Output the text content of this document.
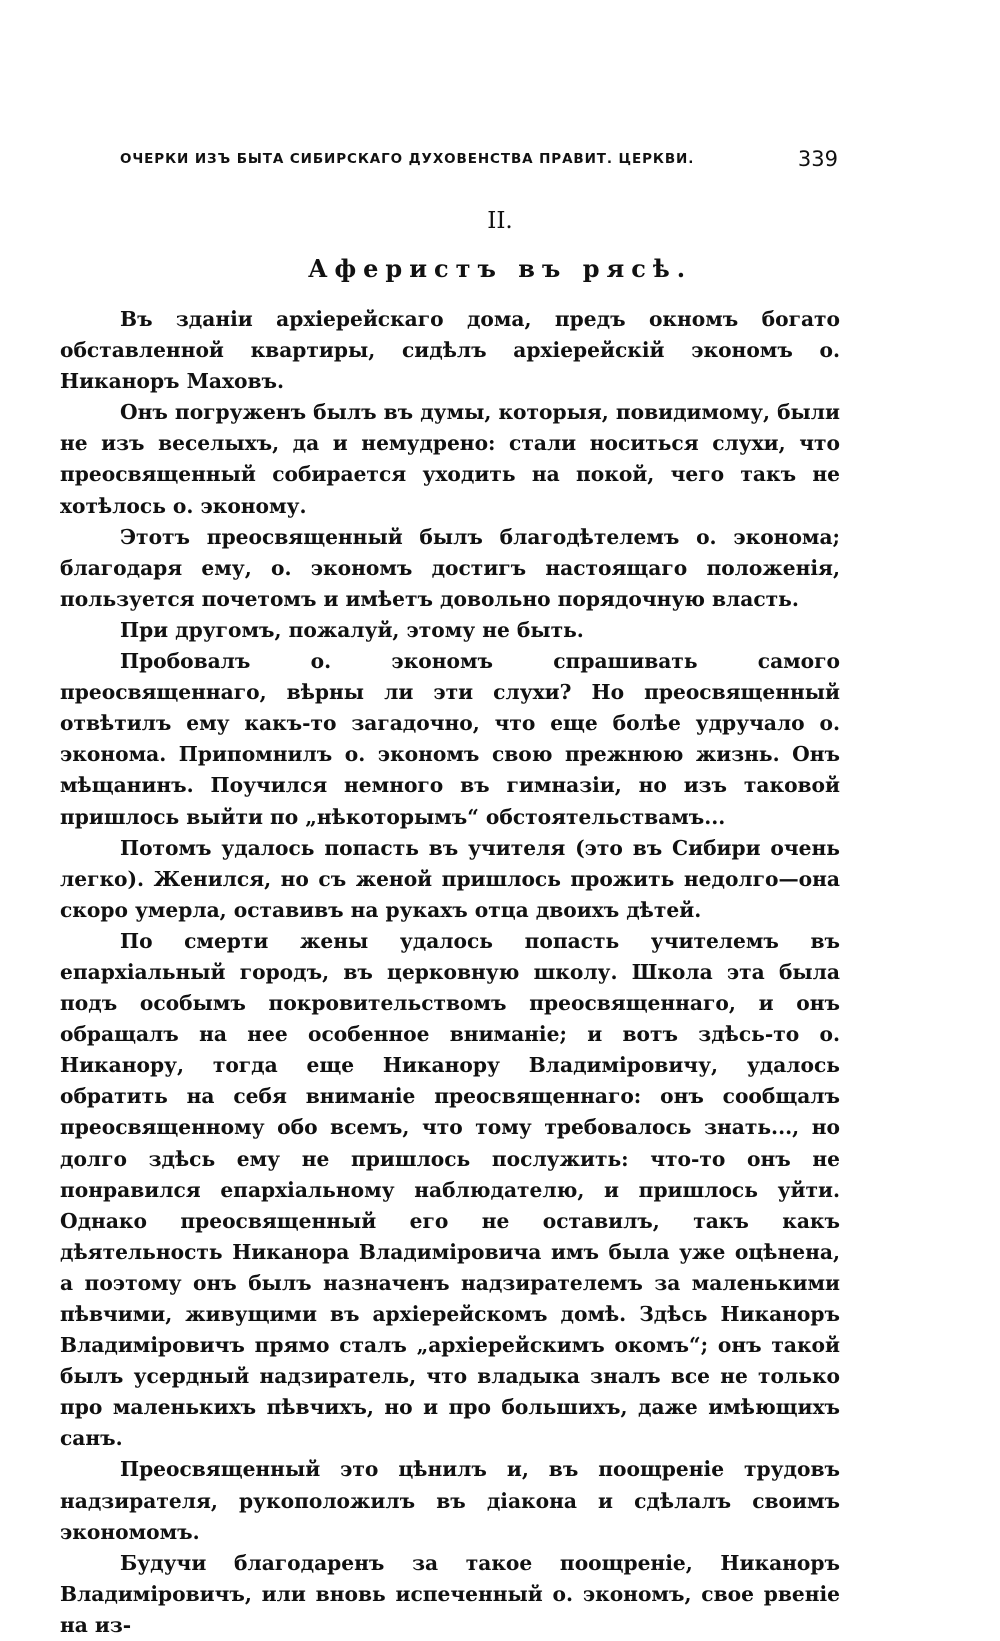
ОЧЕРКИ ИЗЪ БЫТА СИБИРСКАГО ДУХОВЕНСТВА ПРАВИТ. ЦЕРКВИ.	339
II.
Аферистъ въ рясѣ.

Въ зданіи архіерейскаго дома, предъ окномъ богато обставленной квартиры, сидѣлъ архіерейскій экономъ о. Никаноръ Маховъ.

Онъ погруженъ былъ въ думы, которыя, повидимому, были не изъ веселыхъ, да и немудрено: стали носиться слухи, что преосвященный собирается уходить на покой, чего такъ не хотѣлось о. эконому.

Этотъ преосвященный былъ благодѣтелемъ о. эконома; благодаря ему, о. экономъ достигъ настоящаго положенія, пользуется почетомъ и имѣетъ довольно порядочную власть.

При другомъ, пожалуй, этому не быть.

Пробовалъ о. экономъ спрашивать самого преосвященнаго, вѣрны ли эти слухи? Но преосвященный отвѣтилъ ему какъ-то загадочно, что еще болѣе удручало о. эконома. Припомнилъ о. экономъ свою прежнюю жизнь. Онъ мѣщанинъ. Поучился немного въ гимназіи, но изъ таковой пришлось выйти по „нѣкоторымъ“ обстоятельствамъ...

Потомъ удалось попасть въ учителя (это въ Сибири очень легко). Женился, но съ женой пришлось прожить недолго—она скоро умерла, оставивъ на рукахъ отца двоихъ дѣтей.

По смерти жены удалось попасть учителемъ въ епархіальный городъ, въ церковную школу. Школа эта была подъ особымъ покровительствомъ преосвященнаго, и онъ обращалъ на нее особенное вниманіе; и вотъ здѣсь-то о. Никанору, тогда еще Никанору Владиміровичу, удалось обратить на себя вниманіе преосвященнаго: онъ сообщалъ преосвященному обо всемъ, что тому требовалось знать..., но долго здѣсь ему не пришлось послужить: что-то онъ не понравился епархіальному наблюдателю, и пришлось уйти. Однако преосвященный его не оставилъ, такъ какъ дѣятельность Никанора Владиміровича имъ была уже оцѣнена, а поэтому онъ былъ назначенъ надзирателемъ за маленькими пѣвчими, живущими въ архіерейскомъ домѣ. Здѣсь Никаноръ Владиміровичъ прямо сталъ „архіерейскимъ окомъ“; онъ такой былъ усердный надзиратель, что владыка зналъ все не только про маленькихъ пѣвчихъ, но и про большихъ, даже имѣющихъ санъ.

Преосвященный это цѣнилъ и, въ поощреніе трудовъ надзирателя, рукоположилъ въ діакона и сдѣлалъ своимъ экономомъ.

Будучи благодаренъ за такое поощреніе, Никаноръ Владиміровичъ, или вновь испеченный о. экономъ, свое рвеніе на из-
